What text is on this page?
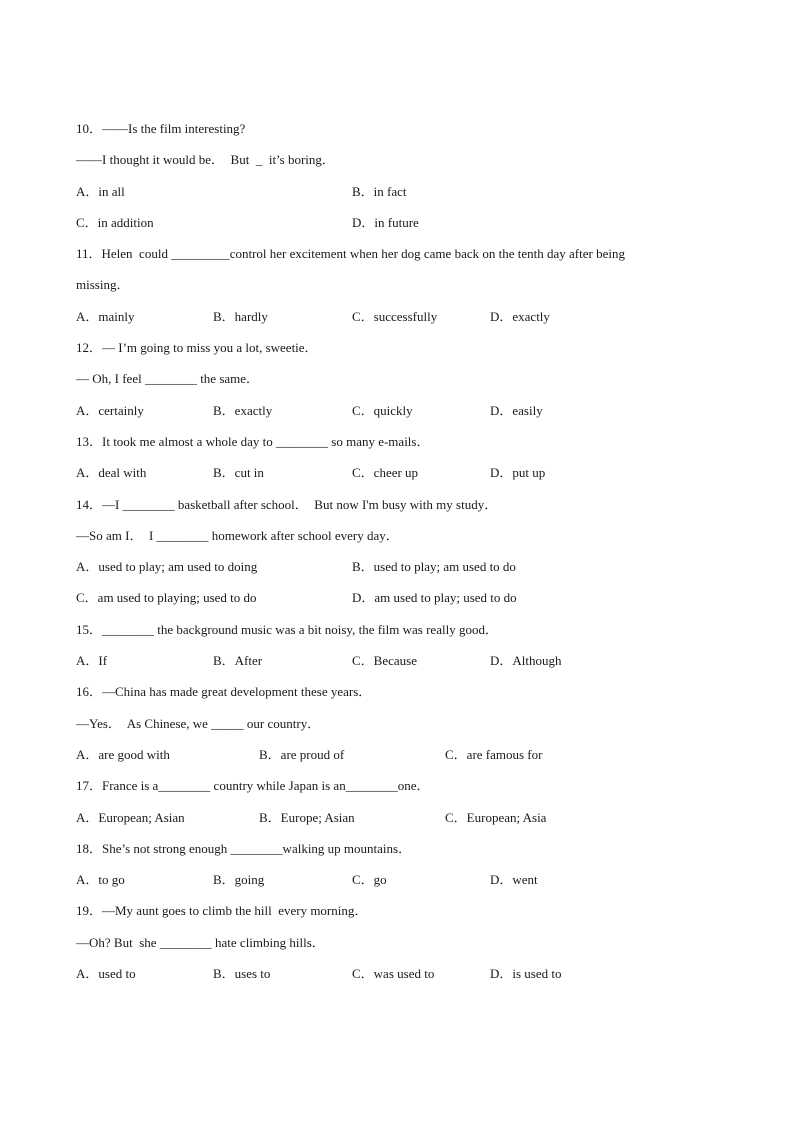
10．——Is the film interesting?
——I thought it would be．  But  _  it’s boring．
A．in all	B．in fact
C．in addition	D．in future
11．Helen  could _________control her excitement when her dog came back on the tenth day after being
missing．
A．mainly	B．hardly	C．successfully	D．exactly
12．— I’m going to miss you a lot, sweetie．
— Oh, I feel ________ the same．
A．certainly	B．exactly	C．quickly	D．easily
13．It took me almost a whole day to ________ so many e-mails．
A．deal with	B．cut in	C．cheer up	D．put up
14．—I ________ basketball after school．  But now I'm busy with my study．
—So am I．  I ________ homework after school every day．
A．used to play; am used to doing	B．used to play; am used to do
C．am used to playing; used to do	D．am used to play; used to do
15．________ the background music was a bit noisy, the film was really good．
A．If	B．After	C．Because	D．Although
16．—China has made great development these years．
—Yes．  As Chinese, we _____ our country．
A．are good with	B．are proud of	C．are famous for
17．France is a________ country while Japan is an________one．
A．European; Asian	B．Europe; Asian	C．European; Asia
18．She’s not strong enough ________walking up mountains．
A．to go	B．going	C．go	D．went
19．—My aunt goes to climb the hill  every morning．
—Oh? But  she ________ hate climbing hills．
A．used to	B．uses to	C．was used to	D．is used to
